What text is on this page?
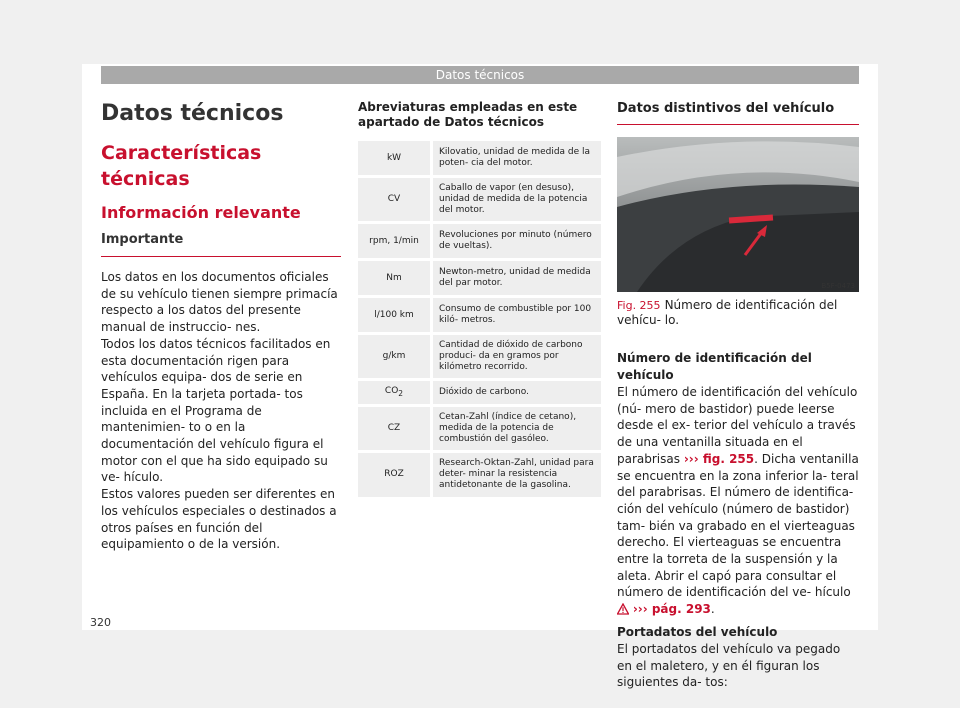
Datos técnicos
Datos técnicos
Características técnicas
Información relevante
Importante

Los datos en los documentos oficiales de su vehículo tienen siempre primacía respecto a los datos del presente manual de instruccio- nes.

Todos los datos técnicos facilitados en esta documentación rigen para vehículos equipa- dos de serie en España. En la tarjeta portada- tos incluida en el Programa de mantenimien- to o en la documentación del vehículo figura el motor con el que ha sido equipado su ve- hículo.

Estos valores pueden ser diferentes en los vehículos especiales o destinados a otros países en función del equipamiento o de la versión.

Abreviaturas empleadas en este apartado de Datos técnicos

kW	Kilovatio, unidad de medida de la poten- cia del motor.
CV	Caballo de vapor (en desuso), unidad de medida de la potencia del motor.
rpm, 1/min	Revoluciones por minuto (número de vueltas).
Nm	Newton-metro, unidad de medida del par motor.
l/100 km	Consumo de combustible por 100 kiló- metros.
g/km	Cantidad de dióxido de carbono produci- da en gramos por kilómetro recorrido.
$CO_2$	Dióxido de carbono.
CZ	Cetan-Zahl (índice de cetano), medida de la potencia de combustión del gasóleo.
ROZ	Research-Oktan-Zahl, unidad para deter- minar la resistencia antidetonante de la gasolina.
Datos distintivos del vehículo
B5F-0473

Fig. 255 Número de identificación del vehícu- lo.

Número de identificación del vehículo

El número de identificación del vehículo (nú- mero de bastidor) puede leerse desde el ex- terior del vehículo a través de una ventanilla situada en el parabrisas ››› fig. 255. Dicha ventanilla se encuentra en la zona inferior la- teral del parabrisas. El número de identifica- ción del vehículo (número de bastidor) tam- bién va grabado en el vierteaguas derecho. El vierteaguas se encuentra entre la torreta de la suspensión y la aleta. Abrir el capó para consultar el número de identificación del ve- hículo  ››› pág. 293.

Portadatos del vehículo

El portadatos del vehículo va pegado en el maletero, y en él figuran los siguientes da- tos:

320
